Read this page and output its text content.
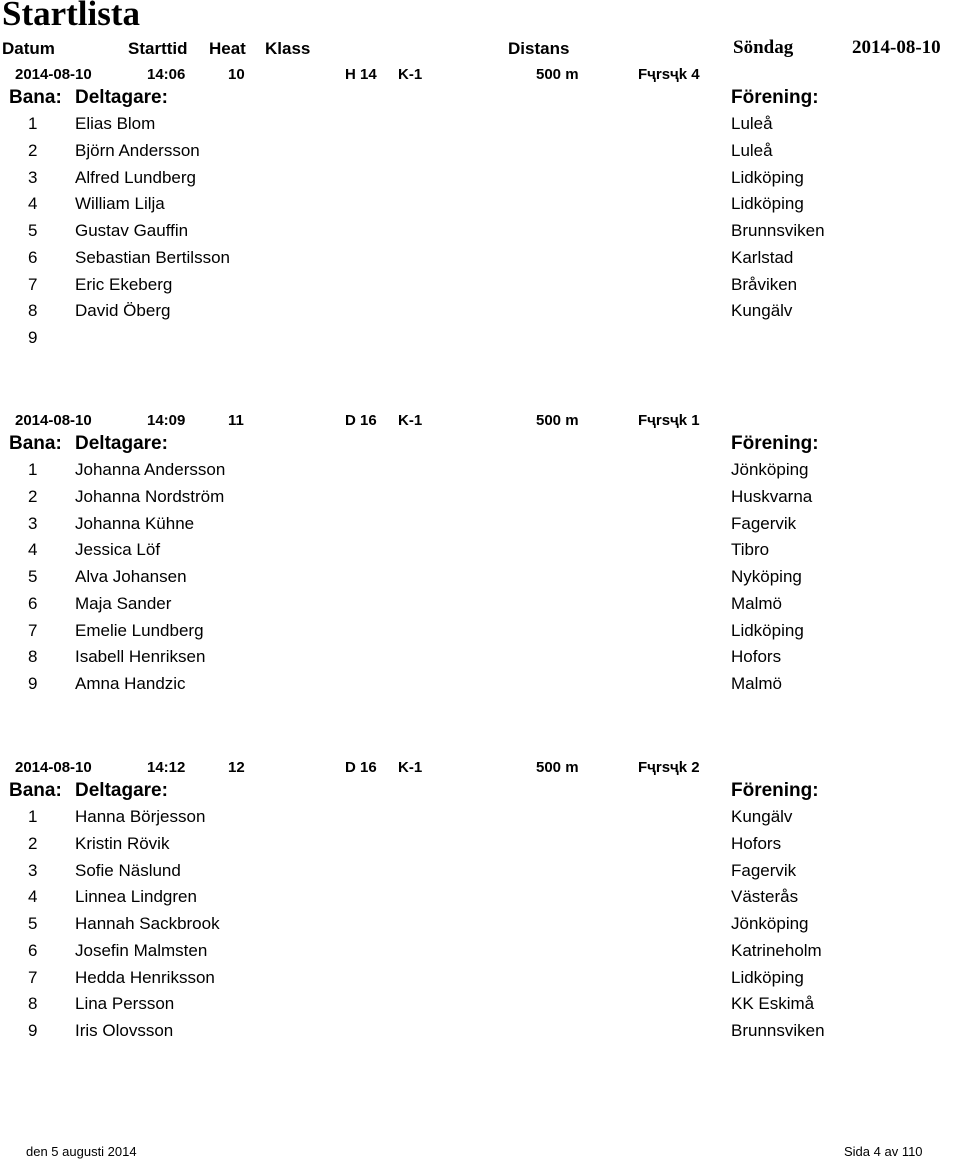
Startlista
Datum	Starttid Heat Klass	Distans	Söndag	2014-08-10
2014-08-10	14:06	10	H 14 K-1	500 m	Fҷrsҷk 4
Bana: Deltagare:	Förening:
1 Elias Blom	Luleå
2 Björn Andersson	Luleå
3 Alfred Lundberg	Lidköping
4 William Lilja	Lidköping
5 Gustav Gauffin	Brunnsviken
6 Sebastian Bertilsson	Karlstad
7 Eric Ekeberg	Bråviken
8 David Öberg	Kungälv
9
2014-08-10	14:09	11	D 16 K-1	500 m	Fҷrsҷk 1
Bana: Deltagare:	Förening:
1 Johanna Andersson	Jönköping
2 Johanna Nordström	Huskvarna
3 Johanna Kühne	Fagervik
4 Jessica Löf	Tibro
5 Alva Johansen	Nyköping
6 Maja Sander	Malmö
7 Emelie Lundberg	Lidköping
8 Isabell Henriksen	Hofors
9 Amna Handzic	Malmö
2014-08-10	14:12	12	D 16 K-1	500 m	Fҷrsҷk 2
Bana: Deltagare:	Förening:
1 Hanna Börjesson	Kungälv
2 Kristin Rövik	Hofors
3 Sofie Näslund	Fagervik
4 Linnea Lindgren	Västerås
5 Hannah Sackbrook	Jönköping
6 Josefin Malmsten	Katrineholm
7 Hedda Henriksson	Lidköping
8 Lina Persson	KK Eskimå
9 Iris Olovsson	Brunnsviken
den 5 augusti 2014	Sida 4 av 110
